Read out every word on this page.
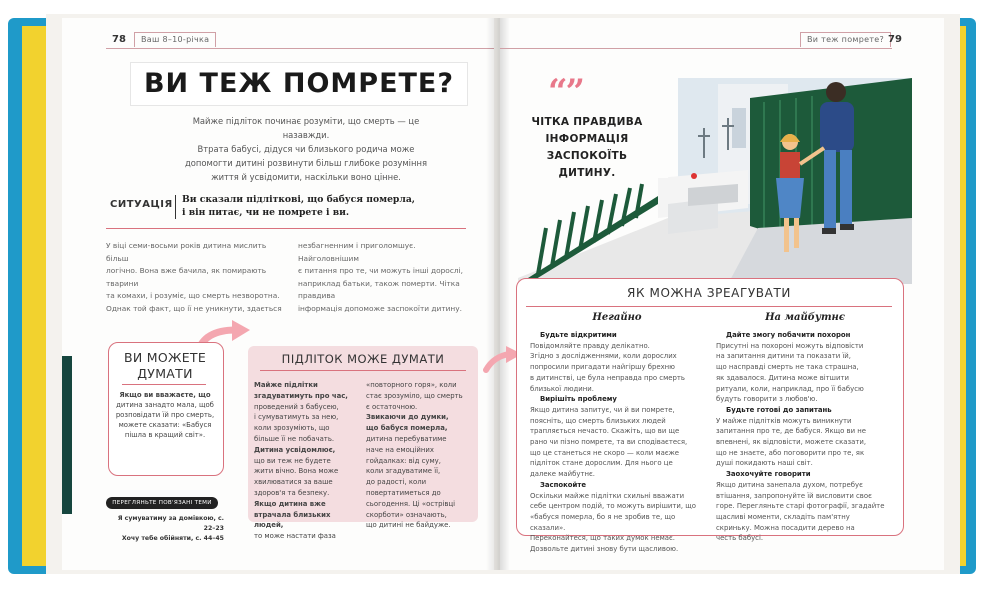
78	Ваш 8–10-річка
ВИ ТЕЖ ПОМРЕТЕ?
Майже підліток починає розуміти, що смерть — це назавжди.
Втрата бабусі, дідуся чи близького родича може
допомогти дитині розвинути більш глибоке розуміння
життя й усвідомити, наскільки воно цінне.
СИТУАЦІЯ Ви сказали підліткові, що бабуся померла,
і він питає, чи не помрете і ви.
У віці семи-восьми років дитина мислить більш
логічно. Вона вже бачила, як помирають тварини
та комахи, і розуміє, що смерть незворотна.
Однак той факт, що ії не уникнути, здається
незбагненним і приголомшує. Найголовнішим
є питання про те, чи можуть інші дорослі,
наприклад батьки, також померти. Чітка правдива
інформація допоможе заспокоїти дитину.
ВИ МОЖЕТЕ
ДУМАТИ
Якщо ви вважаєте, що
дитина занадто мала, щоб
розповідати їй про смерть,
можете сказати: «Бабуся
пішла в кращий світ».
ПІДЛІТОК МОЖЕ ДУМАТИ
Майже підлітки
згадуватимуть про час,
проведений з бабусею,
і сумуватимуть за нею,
коли зрозуміють, що
більше її не побачать.
Дитина усвідомлює,
що ви теж не будете
жити вічно. Вона може
хвилюватися за ваше
здоров'я та безпеку.
Якщо дитина вже
втрачала близьких людей,
то може настати фаза
«повторного горя», коли
стає зрозуміло, що смерть
є остаточною.
Звикаючи до думки,
що бабуся померла,
дитина перебуватиме
наче на емоційних
гойдалках: від суму,
коли згадуватиме її,
до радості, коли
повертатиметься до
сьогодення. Ці «острівці
скорботи» означають,
що дитині не байдуже.
ПЕРЕГЛЯНЬТЕ ПОВ'ЯЗАНІ ТЕМИ
Я сумуватиму за домівкою, с. 22–23
Хочу тебе обійняти, с. 44–45
Ви теж помрете? 79
“”
ЧІТКА ПРАВДИВА
ІНФОРМАЦІЯ
ЗАСПОКОЇТЬ ДИТИНУ.
ЯК МОЖНА ЗРЕАГУВАТИ
Негайно	На майбутнє
Будьте відкритими
Повідомляйте правду делікатно.
Згідно з дослідженнями, коли дорослих
попросили пригадати найгіршу брехню
в дитинстві, це була неправда про смерть
близької людини.
Вирішіть проблему
Якщо дитина запитує, чи й ви помрете,
поясніть, що смерть близьких людей
трапляється нечасто. Скажіть, що ви ще
рано чи пізно помрете, та ви сподіваєтеся,
що це станеться не скоро — коли маєже
підліток стане дорослим. Для нього це
далеке майбутнє.
Заспокойте
Оскільки майже підлітки схильні вважати
себе центром подій, то можуть вирішити, що
«бабуся померла, бо я не зробив те, що сказали».
Переконайтеся, що таких думок немає.
Дозвольте дитині знову бути щасливою.
Дайте змогу побачити похорон
Присутні на похороні можуть відповісти
на запитання дитини та показати їй,
що насправді смерть не така страшна,
як здавалося. Дитина може вітшити
ритуали, коли, наприклад, про її бабусю
будуть говорити з любов'ю.
Будьте готові до запитань
У майже підлітків можуть виникнути
запитання про те, де бабуся. Якщо ви не
впевнені, як відповісти, можете сказати,
що не знаєте, або поговорити про те, як
душі покидають наші світ.
Заохочуйте говорити
Якщо дитина занепала духом, потребує
втішання, запропонуйте їй висловити своє
горе. Перегляньте старі фотографії, згадайте
щасливі моменти, складіть пам'ятну
скриньку. Можна посадити дерево на
честь бабусі.
